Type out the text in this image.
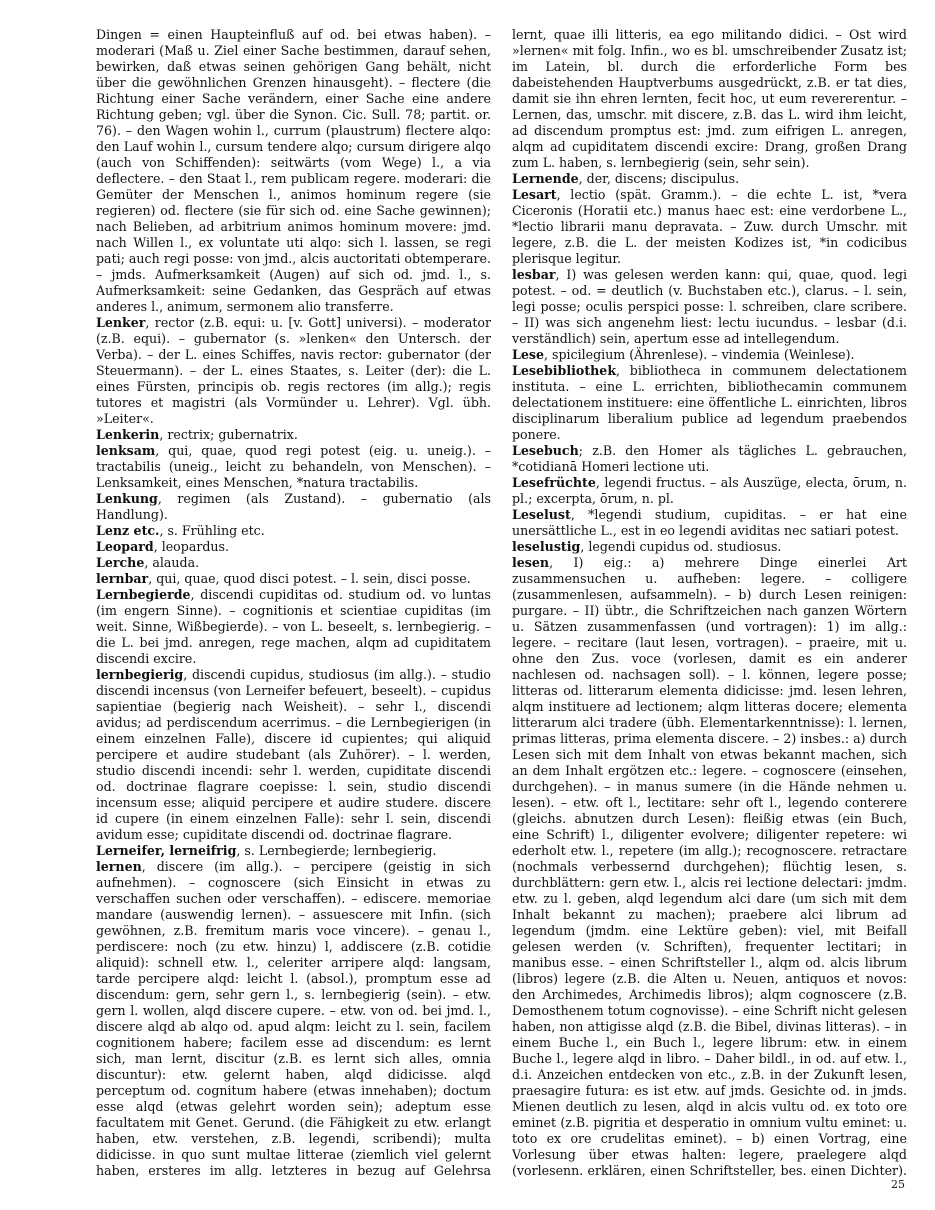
Dingen = einen Haupteinfluß auf od. bei etwas haben). – moderari (Maß u. Ziel einer Sache bestimmen, darauf sehen, bewirken, daß etwas seinen gehörigen Gang behält, nicht über die gewöhnlichen Grenzen hinausgeht). – flectere (die Richtung einer Sache verändern, einer Sache eine andere Richtung geben; vgl. über die Synon. Cic. Sull. 78; partit. or. 76). – den Wagen wohin l., currum (plaustrum) flectere alqo: den Lauf wohin l., cursum tendere alqo; cursum dirigere alqo (auch von Schiffenden): seitwärts (vom Wege) l., a via deflectere. – den Staat l., rem publicam regere. moderari: die Gemüter der Menschen l., animos hominum regere (sie regieren) od. flectere (sie für sich od. eine Sache gewinnen); nach Belieben, ad arbitrium animos hominum movere: jmd. nach Willen l., ex voluntate uti alqo: sich l. lassen, se regi pati; auch regi posse: von jmd., alcis auctoritati obtemperare. – jmds. Aufmerksamkeit (Augen) auf sich od. jmd. l., s. Aufmerksamkeit: seine Gedanken, das Gespräch auf etwas anderes l., animum, sermonem alio transferre.

Lenker, rector (z.B. equi: u. [v. Gott] universi). – moderator (z.B. equi). – gubernator (s. »lenken« den Untersch. der Verba). – der L. eines Schiffes, navis rector: gubernator (der Steuermann). – der L. eines Staates, s. Leiter (der): die L. eines Fürsten, principis ob. regis rectores (im allg.); regis tutores et magistri (als Vormünder u. Lehrer). Vgl. übh. »Leiter«.

Lenkerin, rectrix; gubernatrix.

lenksam, qui, quae, quod regi potest (eig. u. uneig.). – tractabilis (uneig., leicht zu behandeln, von Menschen). – Lenksamkeit, eines Menschen, *natura tractabilis.

Lenkung, regimen (als Zustand). – gubernatio (als Handlung).

Lenz etc., s. Frühling etc.

Leopard, leopardus.

Lerche, alauda.

lernbar, qui, quae, quod disci potest. – l. sein, disci posse.

Lernbegierde, discendi cupiditas od. studium od. vo luntas (im engern Sinne). – cognitionis et scientiae cupiditas (im weit. Sinne, Wißbegierde). – von L. beseelt, s. lernbegierig. – die L. bei jmd. anregen, rege machen, alqm ad cupiditatem discendi excire.

lernbegierig, discendi cupidus, studiosus (im allg.). – studio discendi incensus (von Lerneifer befeuert, beseelt). – cupidus sapientiae (begierig nach Weisheit). – sehr l., discendi avidus; ad perdiscendum acerrimus. – die Lernbegierigen (in einem einzelnen Falle), discere id cupientes; qui aliquid percipere et audire studebant (als Zuhörer). – l. werden, studio discendi incendi: sehr l. werden, cupiditate discendi od. doctrinae flagrare coepisse: l. sein, studio discendi incensum esse; aliquid percipere et audire studere. discere id cupere (in einem einzelnen Falle): sehr l. sein, discendi avidum esse; cupiditate discendi od. doctrinae flagrare.

Lerneifer, lerneifrig, s. Lernbegierde; lernbegierig.

lernen, discere (im allg.). – percipere (geistig in sich aufnehmen). – cognoscere (sich Einsicht in etwas zu verschaffen suchen oder verschaffen). – ediscere. memoriae mandare (auswendig lernen). – assuescere mit Infin. (sich gewöhnen, z.B. fremitum maris voce vincere). – genau l., perdiscere: noch (zu etw. hinzu) l, addiscere (z.B. cotidie aliquid): schnell etw. l., celeriter arripere alqd: langsam, tarde percipere alqd: leicht l. (absol.), promptum esse ad discendum: gern, sehr gern l., s. lernbegierig (sein). – etw. gern l. wollen, alqd discere cupere. – etw. von od. bei jmd. l., discere alqd ab alqo od. apud alqm: leicht zu l. sein, facilem cognitionem habere; facilem esse ad discendum: es lernt sich, man lernt, discitur (z.B. es lernt sich alles, omnia discuntur): etw. gelernt haben, alqd didicisse. alqd perceptum od. cognitum habere (etwas innehaben); doctum esse alqd (etwas gelehrt worden sein); adeptum esse facultatem mit Genet. Gerund. (die Fähigkeit zu etw. erlangt haben, etw. verstehen, z.B. legendi, scribendi); multa didicisse. in quo sunt multae litterae (ziemlich viel gelernt haben, ersteres im allg. letzteres in bezug auf Gelehrsa

lernt, quae illi litteris, ea ego militando didici. – Ost wird »lernen« mit folg. Infin., wo es bl. umschreibender Zusatz ist; im Latein, bl. durch die erforderliche Form bes dabeistehenden Hauptverbums ausgedrückt, z.B. er tat dies, damit sie ihn ehren lernten, fecit hoc, ut eum revererentur. – Lernen, das, umschr. mit discere, z.B. das L. wird ihm leicht, ad discendum promptus est: jmd. zum eifrigen L. anregen, alqm ad cupiditatem discendi excire: Drang, großen Drang zum L. haben, s. lernbegierig (sein, sehr sein).

Lernende, der, discens; discipulus.

Lesart, lectio (spät. Gramm.). – die echte L. ist, *vera Ciceronis (Horatii etc.) manus haec est: eine verdorbene L., *lectio librarii manu depravata. – Zuw. durch Umschr. mit legere, z.B. die L. der meisten Kodizes ist, *in codicibus plerisque legitur.

lesbar, I) was gelesen werden kann: qui, quae, quod. legi potest. – od. = deutlich (v. Buchstaben etc.), clarus. – l. sein, legi posse; oculis perspici posse: l. schreiben, clare scribere. – II) was sich angenehm liest: lectu iucundus. – lesbar (d.i. verständlich) sein, apertum esse ad intellegendum.

Lese, spicilegium (Ährenlese). – vindemia (Weinlese).

Lesebibliothek, bibliotheca in communem delectationem instituta. – eine L. errichten, bibliothecamin communem delectationem instituere: eine öffentliche L. einrichten, libros disciplinarum liberalium publice ad legendum praebendos ponere.

Lesebuch; z.B. den Homer als tägliches L. gebrauchen, *cotidianā Homeri lectione uti.

Lesefrüchte, legendi fructus. – als Auszüge, electa, ōrum, n. pl.; excerpta, ōrum, n. pl.

Leselust, *legendi studium, cupiditas. – er hat eine unersättliche L., est in eo legendi aviditas nec satiari potest.

leselustig, legendi cupidus od. studiosus.

lesen, I) eig.: a) mehrere Dinge einerlei Art zusammensuchen u. aufheben: legere. – colligere (zusammenlesen, aufsammeln). – b) durch Lesen reinigen: purgare. – II) übtr., die Schriftzeichen nach ganzen Wörtern u. Sätzen zusammenfassen (und vortragen): 1) im allg.: legere. – recitare (laut lesen, vortragen). – praeire, mit u. ohne den Zus. voce (vorlesen, damit es ein anderer nachlesen od. nachsagen soll). – l. können, legere posse; litteras od. litterarum elementa didicisse: jmd. lesen lehren, alqm instituere ad lectionem; alqm litteras docere; elementa litterarum alci tradere (übh. Elementarkenntnisse): l. lernen, primas litteras, prima elementa discere. – 2) insbes.: a) durch Lesen sich mit dem Inhalt von etwas bekannt machen, sich an dem Inhalt ergötzen etc.: legere. – cognoscere (einsehen, durchgehen). – in manus sumere (in die Hände nehmen u. lesen). – etw. oft l., lectitare: sehr oft l., legendo conterere (gleichs. abnutzen durch Lesen): fleißig etwas (ein Buch, eine Schrift) l., diligenter evolvere; diligenter repetere: wi ederholt etw. l., repetere (im allg.); recognoscere. retractare (nochmals verbessernd durchgehen); flüchtig lesen, s. durchblättern: gern etw. l., alcis rei lectione delectari: jmdm. etw. zu l. geben, alqd legendum alci dare (um sich mit dem Inhalt bekannt zu machen); praebere alci librum ad legendum (jmdm. eine Lektüre geben): viel, mit Beifall gelesen werden (v. Schriften), frequenter lectitari; in manibus esse. – einen Schriftsteller l., alqm od. alcis librum (libros) legere (z.B. die Alten u. Neuen, antiquos et novos: den Archimedes, Archimedis libros); alqm cognoscere (z.B. Demosthenem totum cognovisse). – eine Schrift nicht gelesen haben, non attigisse alqd (z.B. die Bibel, divinas litteras). – in einem Buche l., ein Buch l., legere librum: etw. in einem Buche l., legere alqd in libro. – Daher bildl., in od. auf etw. l., d.i. Anzeichen entdecken von etc., z.B. in der Zukunft lesen, praesagire futura: es ist etw. auf jmds. Gesichte od. in jmds. Mienen deutlich zu lesen, alqd in alcis vultu od. ex toto ore eminet (z.B. pigritia et desperatio in omnium vultu eminet: u. toto ex ore crudelitas eminet). – b) einen Vortrag, eine Vorlesung über etwas halten: legere, praelegere alqd (vorlesenn. erklären, einen Schriftsteller, bes. einen Dichter).

25
